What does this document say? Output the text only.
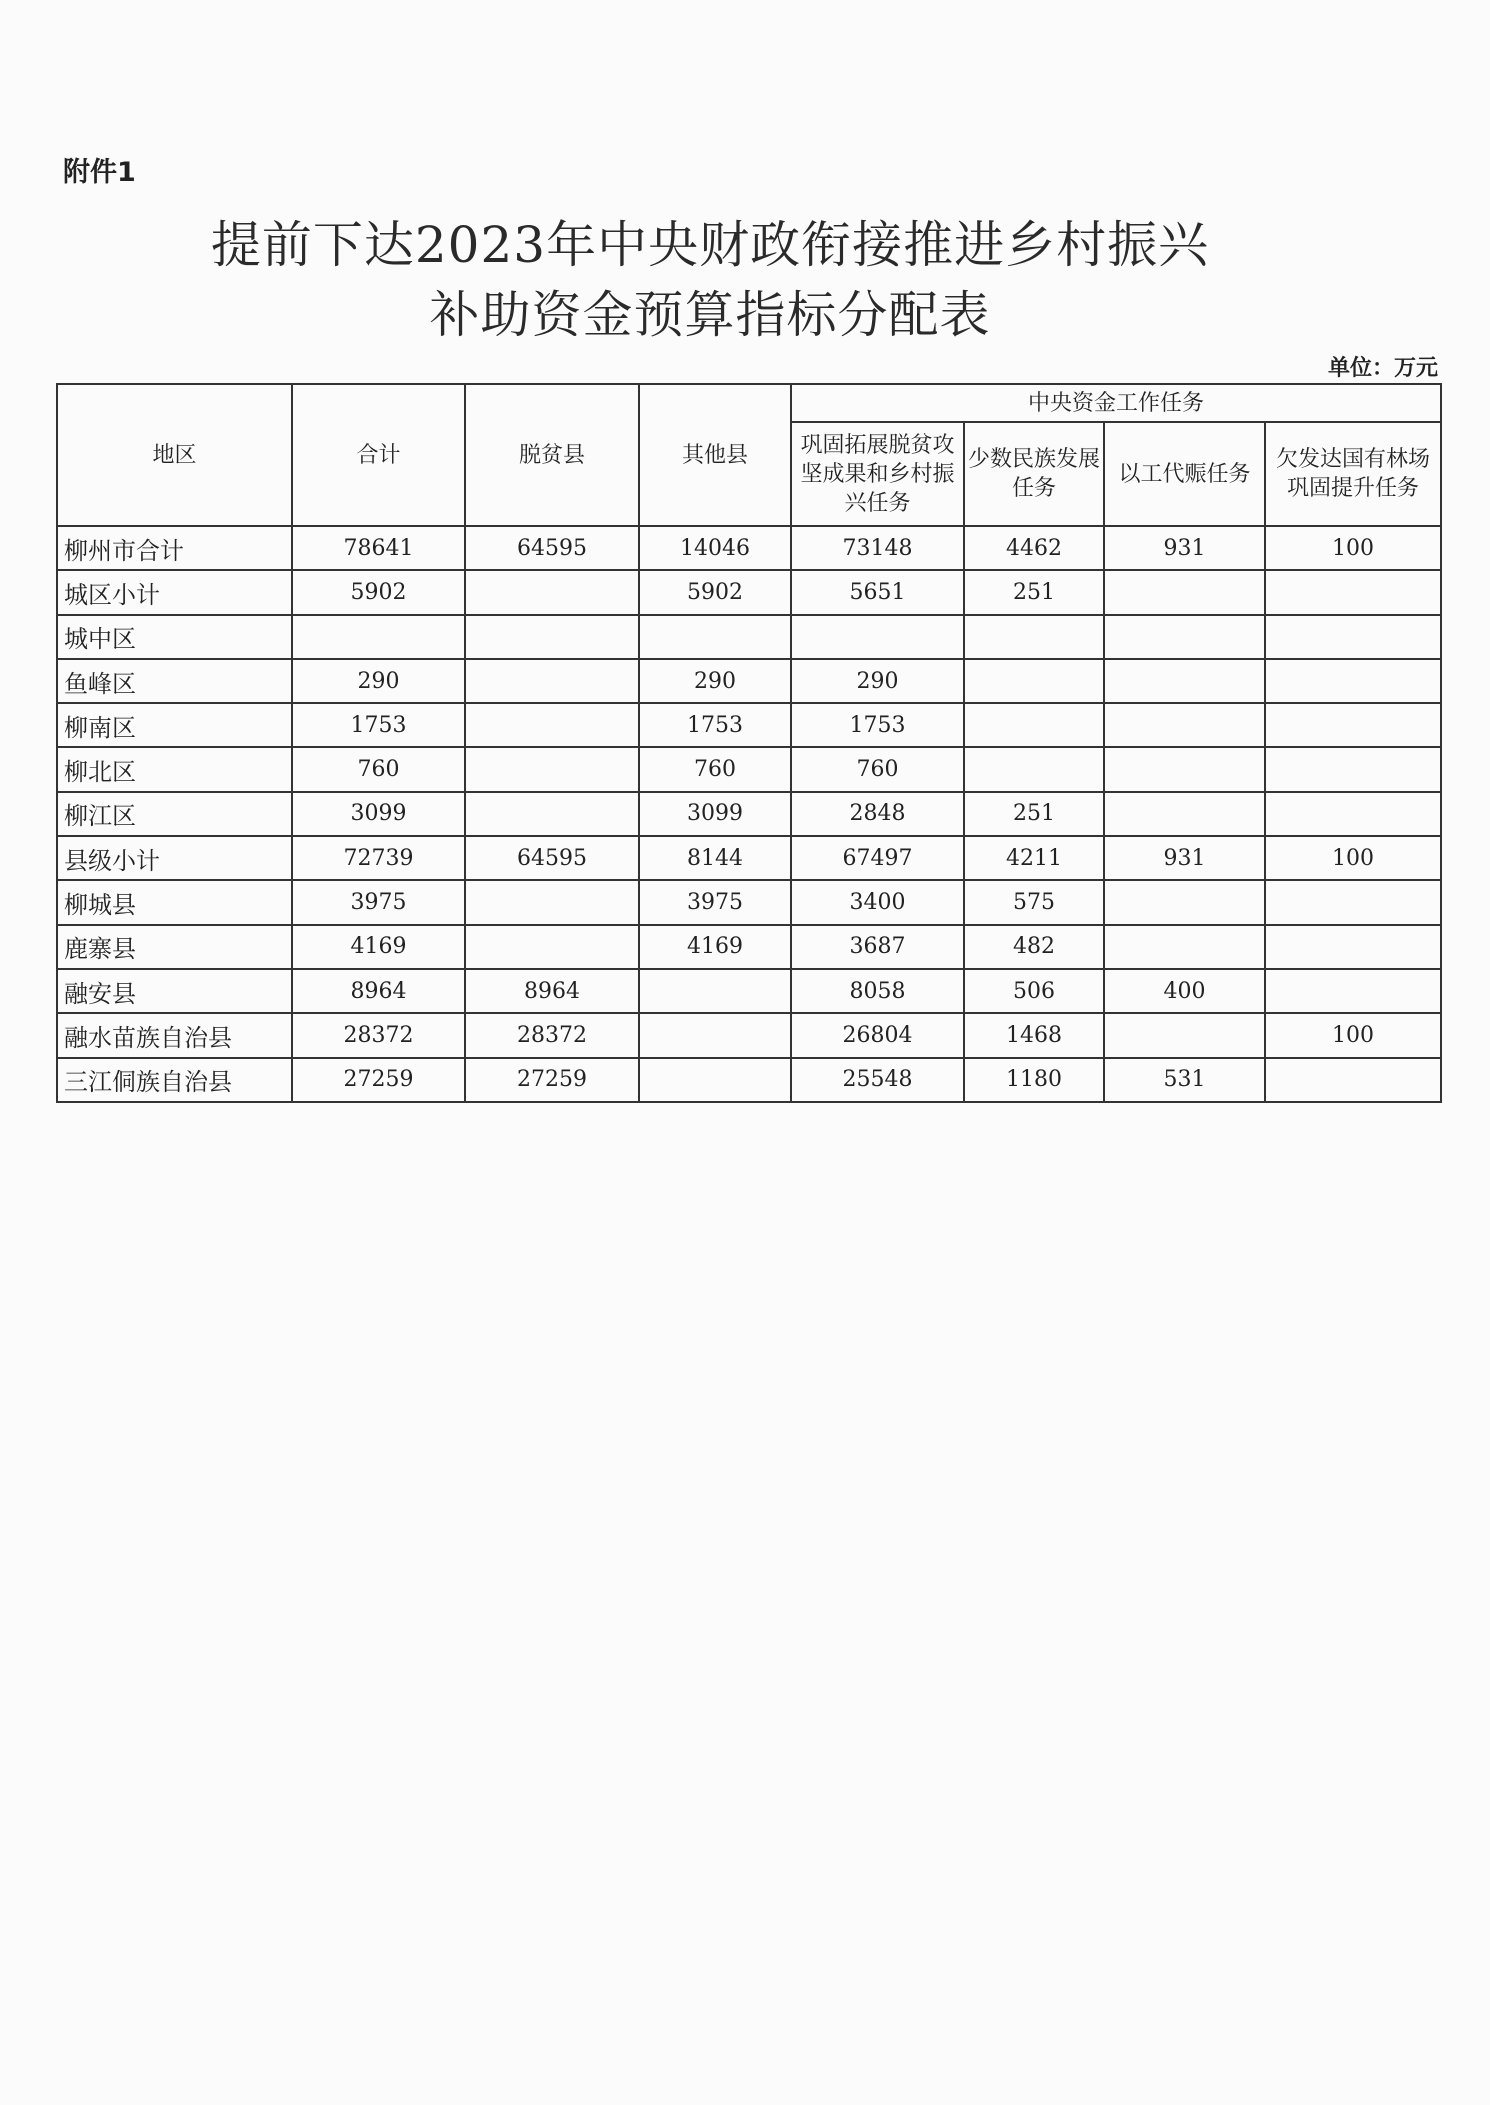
附件1
提前下达2023年中央财政衔接推进乡村振兴
补助资金预算指标分配表
单位：万元
地区	合计	脱贫县	其他县	中央资金工作任务			
				巩固拓展脱贫攻坚成果和乡村振兴任务	少数民族发展任务	以工代赈任务	欠发达国有林场巩固提升任务
柳州市合计	78641	64595	14046	73148	4462	931	100
城区小计	5902		5902	5651	251		
城中区							
鱼峰区	290		290	290			
柳南区	1753		1753	1753			
柳北区	760		760	760			
柳江区	3099		3099	2848	251		
县级小计	72739	64595	8144	67497	4211	931	100
柳城县	3975		3975	3400	575		
鹿寨县	4169		4169	3687	482		
融安县	8964	8964		8058	506	400	
融水苗族自治县	28372	28372		26804	1468		100
三江侗族自治县	27259	27259		25548	1180	531	
